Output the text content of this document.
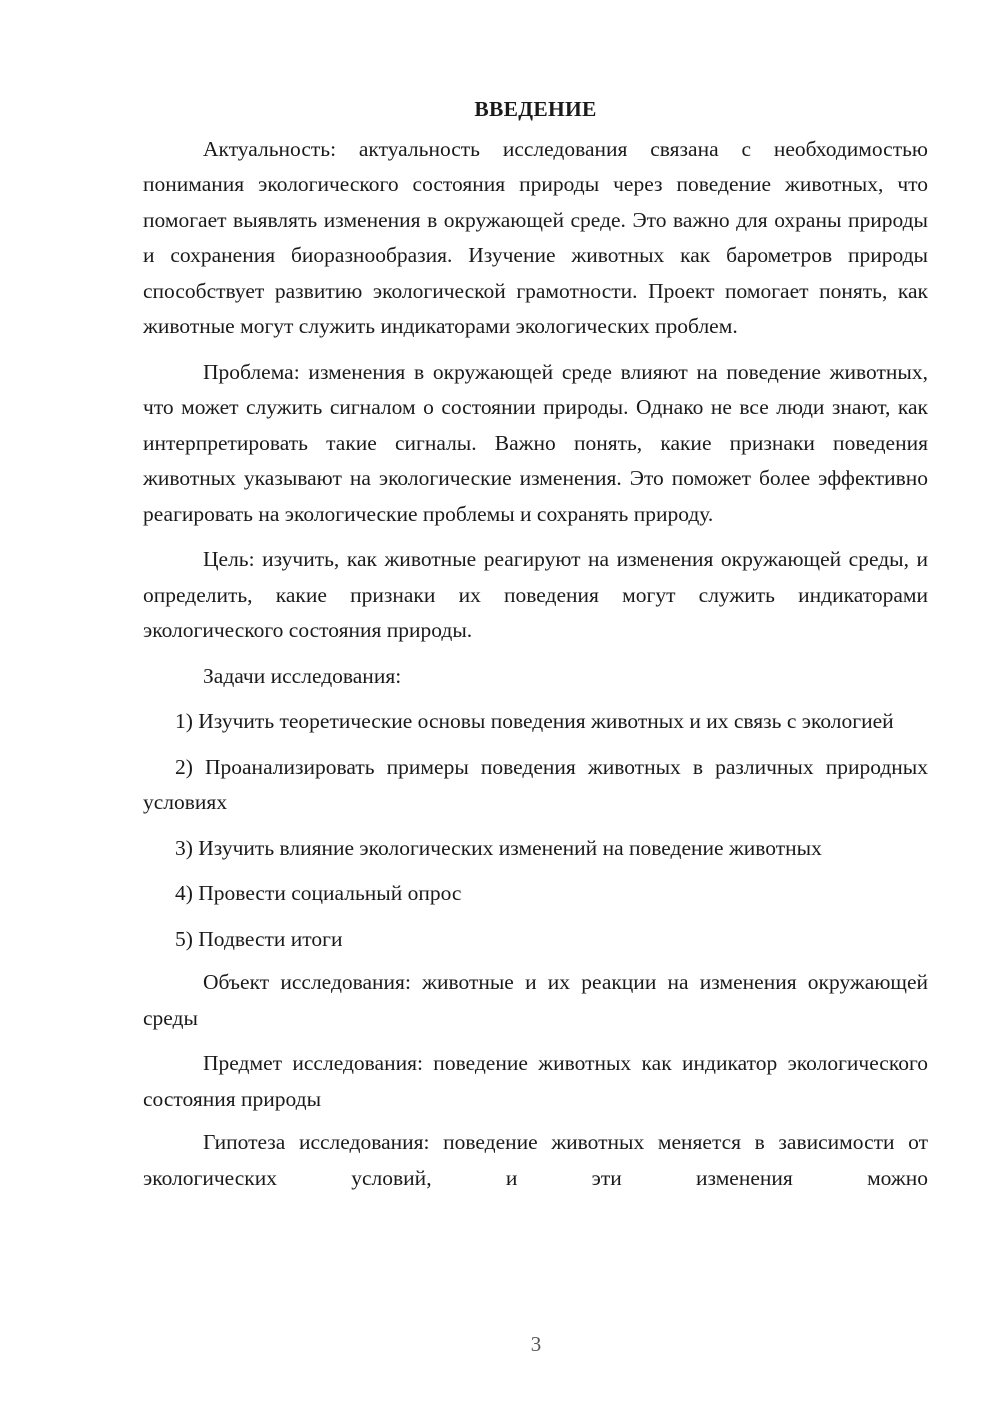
ВВЕДЕНИЕ

Актуальность: актуальность исследования связана с необходимостью понимания экологического состояния природы через поведение животных, что помогает выявлять изменения в окружающей среде. Это важно для охраны природы и сохранения биоразнообразия. Изучение животных как барометров природы способствует развитию экологической грамотности. Проект помогает понять, как животные могут служить индикаторами экологических проблем.

Проблема: изменения в окружающей среде влияют на поведение животных, что может служить сигналом о состоянии природы. Однако не все люди знают, как интерпретировать такие сигналы. Важно понять, какие признаки поведения животных указывают на экологические изменения. Это поможет более эффективно реагировать на экологические проблемы и сохранять природу.

Цель: изучить, как животные реагируют на изменения окружающей среды, и определить, какие признаки их поведения могут служить индикаторами экологического состояния природы.

Задачи исследования:

1) Изучить теоретические основы поведения животных и их связь с экологией

2) Проанализировать примеры поведения животных в различных природных условиях

3) Изучить влияние экологических изменений на поведение животных

4) Провести социальный опрос

5) Подвести итоги

Объект исследования: животные и их реакции на изменения окружающей среды

Предмет исследования: поведение животных как индикатор экологического состояния природы

Гипотеза исследования: поведение животных меняется в зависимости от экологических условий, и эти изменения можно

3
